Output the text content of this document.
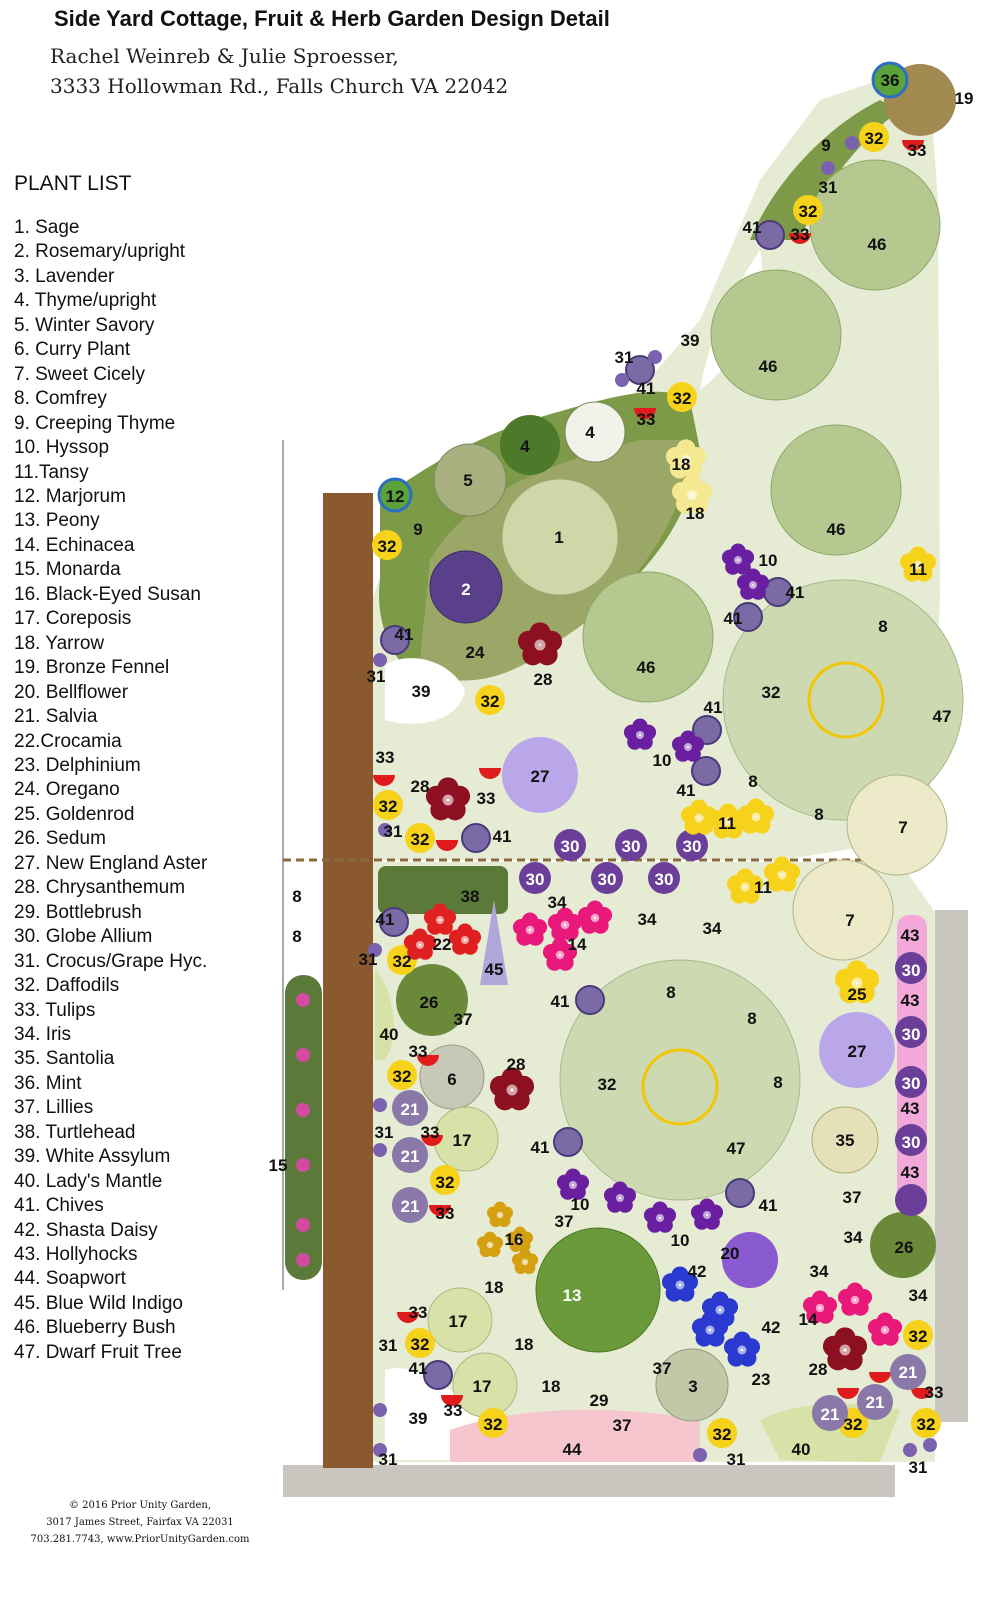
Side Yard Cottage, Fruit & Herb Garden Design Detail
Rachel Weinreb & Julie Sproesser,
3333 Hollowman Rd., Falls Church VA 22042
PLANT LIST
1. Sage
2. Rosemary/upright
3. Lavender
4. Thyme/upright
5. Winter Savory
6. Curry Plant
7. Sweet Cicely
8. Comfrey
9. Creeping Thyme
10. Hyssop
11.Tansy
12. Marjorum
13. Peony
14. Echinacea
15. Monarda
16. Black-Eyed Susan
17. Coreposis
18. Yarrow
19. Bronze Fennel
20. Bellflower
21. Salvia
22.Crocamia
23. Delphinium
24. Oregano
25. Goldenrod
26. Sedum
27. New England Aster
28. Chrysanthemum
29. Bottlebrush
30. Globe Allium
31. Crocus/Grape Hyc.
32. Daffodils
33. Tulips
34. Iris
35. Santolia
36. Mint
37. Lillies
38. Turtlehead
39. White Assylum
40. Lady's Mantle
41. Chives
42. Shasta Daisy
43. Hollyhocks
44. Soapwort
45. Blue Wild Indigo
46. Blueberry Bush
47. Dwarf Fruit Tree
1
2
3
4
4
5
6
7
7
8
8
8
8
8
8
8
8
9
9
10
10
10
10
11
11
11
12
13
14
14
15
16
17
17
17
18
18
18
18
18
19
20
21
21
21
21
21
21
22
23
24
25
26
26
27
27
28
28
28
28
29
30 30 30
30	30 30
30
30
30
30
31
31
31
31
31
31
31
31	31	31
32
32
32
32
32	32
32
32
32
32	32
32
32
32
32
32
32
32
33
33
33
33
33
33
33
33
33
33
33
34
34	34
34
34
34
35
36
37
37
37
37
37
38
39
39
39
40
40
41
41
41
41
41
41
41
41
41
41
41
41
41
42
42
43
43
43
43
44
45
46
46
46
46
47
47
© 2016 Prior Unity Garden,
3017 James Street, Fairfax VA 22031
703.281.7743, www.PriorUnityGarden.com
